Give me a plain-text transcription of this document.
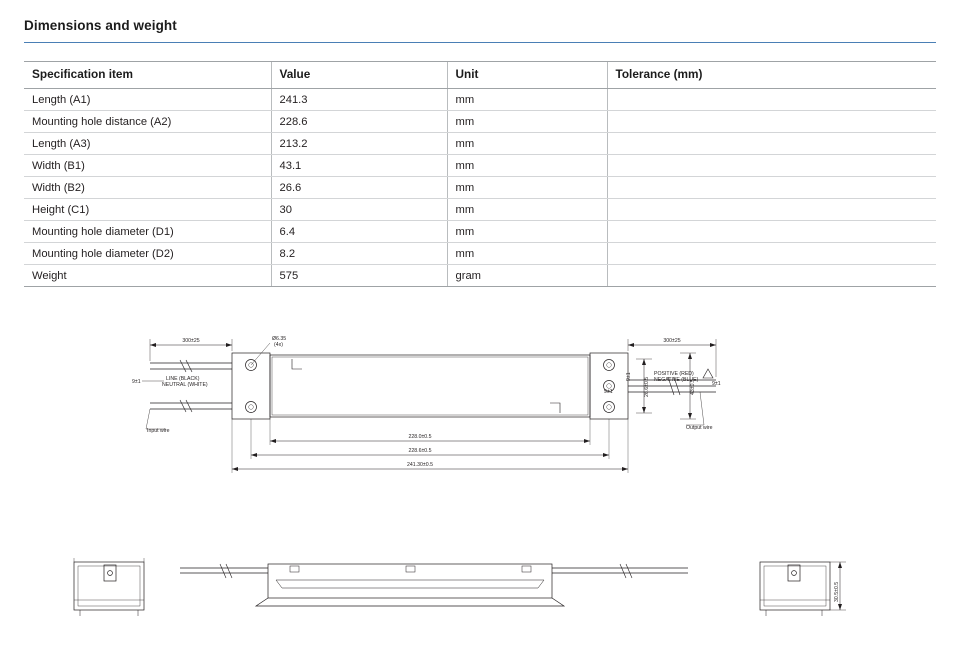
Dimensions and weight
Specification item	Value	Unit	Tolerance (mm)
Length (A1)	241.3	mm	
Mounting hole distance (A2)	228.6	mm	
Length (A3)	213.2	mm	
Width (B1)	43.1	mm	
Width (B2)	26.6	mm	
Height (C1)	30	mm	
Mounting hole diameter (D1)	6.4	mm	
Mounting hole diameter (D2)	8.2	mm	
Weight	575	gram	
300±25	300±25
Ø6.35
(4x)
9±1	LINE (BLACK)
NEUTRAL (WHITE)
Input wire
POSITIVE (RED)
NEGATIVE (BLUE)
Output wire
9±1
9±1
228.0±0.5
228.6±0.5
241.30±0.5
26.6±0.5	43±0.5
9±1
30.5±0.5
